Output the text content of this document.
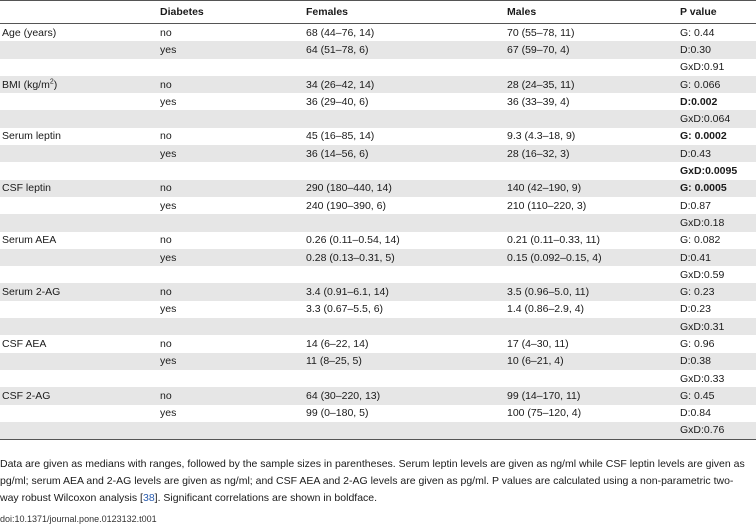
	Diabetes	Females	Males	P value
Age (years)	no	68 (44–76, 14)	70 (55–78, 11)	G: 0.44
	yes	64 (51–78, 6)	67 (59–70, 4)	D:0.30
				GxD:0.91
BMI $(kg/m^2)$	no	34 (26–42, 14)	28 (24–35, 11)	G: 0.066
	yes	36 (29–40, 6)	36 (33–39, 4)	D:0.002
				GxD:0.064
Serum leptin	no	45 (16–85, 14)	9.3 (4.3–18, 9)	G: 0.0002
	yes	36 (14–56, 6)	28 (16–32, 3)	D:0.43
				GxD:0.0095
CSF leptin	no	290 (180–440, 14)	140 (42–190, 9)	G: 0.0005
	yes	240 (190–390, 6)	210 (110–220, 3)	D:0.87
				GxD:0.18
Serum AEA	no	0.26 (0.11–0.54, 14)	0.21 (0.11–0.33, 11)	G: 0.082
	yes	0.28 (0.13–0.31, 5)	0.15 (0.092–0.15, 4)	D:0.41
				GxD:0.59
Serum 2-AG	no	3.4 (0.91–6.1, 14)	3.5 (0.96–5.0, 11)	G: 0.23
	yes	3.3 (0.67–5.5, 6)	1.4 (0.86–2.9, 4)	D:0.23
				GxD:0.31
CSF AEA	no	14 (6–22, 14)	17 (4–30, 11)	G: 0.96
	yes	11 (8–25, 5)	10 (6–21, 4)	D:0.38
				GxD:0.33
CSF 2-AG	no	64 (30–220, 13)	99 (14–170, 11)	G: 0.45
	yes	99 (0–180, 5)	100 (75–120, 4)	D:0.84
				GxD:0.76

Data are given as medians with ranges, followed by the sample sizes in parentheses. Serum leptin levels are given as ng/ml while CSF leptin levels are given as pg/ml; serum AEA and 2-AG levels are given as ng/ml; and CSF AEA and 2-AG levels are given as pg/ml. P values are calculated using a non-parametric two-way robust Wilcoxon analysis [38]. Significant correlations are shown in boldface.

doi:10.1371/journal.pone.0123132.t001
